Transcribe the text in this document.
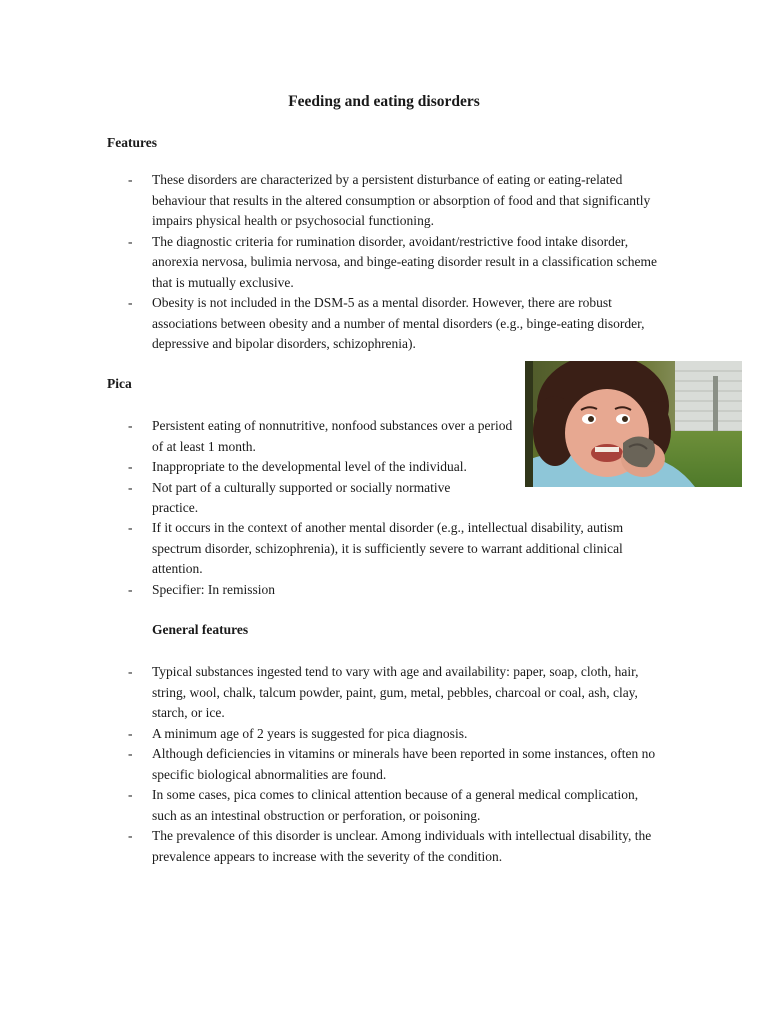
Feeding and eating disorders
Features
- These disorders are characterized by a persistent disturbance of eating or eating-related behaviour that results in the altered consumption or absorption of food and that significantly impairs physical health or psychosocial functioning.
- The diagnostic criteria for rumination disorder, avoidant/restrictive food intake disorder, anorexia nervosa, bulimia nervosa, and binge-eating disorder result in a classification scheme that is mutually exclusive.
- Obesity is not included in the DSM-5 as a mental disorder. However, there are robust associations between obesity and a number of mental disorders (e.g., binge-eating disorder, depressive and bipolar disorders, schizophrenia).
Pica
- Persistent eating of nonnutritive, nonfood substances over a period of at least 1 month.
- Inappropriate to the developmental level of the individual.
- Not part of a culturally supported or socially normative practice.
- If it occurs in the context of another mental disorder (e.g., intellectual disability, autism spectrum disorder, schizophrenia), it is sufficiently severe to warrant additional clinical attention.
- Specifier: In remission
General features
- Typical substances ingested tend to vary with age and availability: paper, soap, cloth, hair, string, wool, chalk, talcum powder, paint, gum, metal, pebbles, charcoal or coal, ash, clay, starch, or ice.
- A minimum age of 2 years is suggested for pica diagnosis.
- Although deficiencies in vitamins or minerals have been reported in some instances, often no specific biological abnormalities are found.
- In some cases, pica comes to clinical attention because of a general medical complication, such as an intestinal obstruction or perforation, or poisoning.
- The prevalence of this disorder is unclear. Among individuals with intellectual disability, the prevalence appears to increase with the severity of the condition.
